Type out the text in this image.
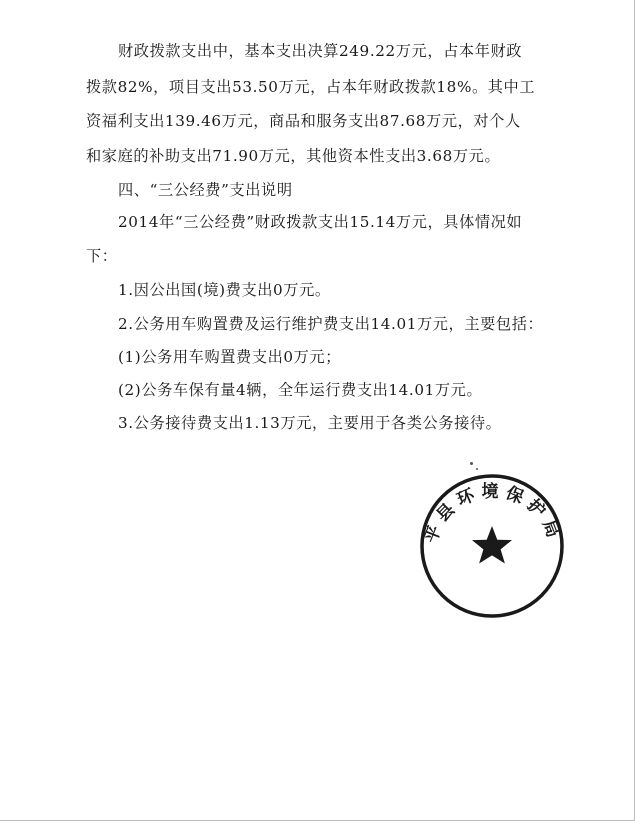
财政拨款支出中，基本支出决算249.22万元，占本年财政
拨款82%，项目支出53.50万元，占本年财政拨款18%。其中工
资福利支出139.46万元，商品和服务支出87.68万元，对个人
和家庭的补助支出71.90万元，其他资本性支出3.68万元。
四、“三公经费”支出说明
2014年“三公经费”财政拨款支出15.14万元，具体情况如
下：
1.因公出国(境)费支出0万元。
2.公务用车购置费及运行维护费支出14.01万元，主要包括：
(1)公务用车购置费支出0万元；
(2)公务车保有量4辆，全年运行费支出14.01万元。
3.公务接待费支出1.13万元，主要用于各类公务接待。
平县环境保护局
